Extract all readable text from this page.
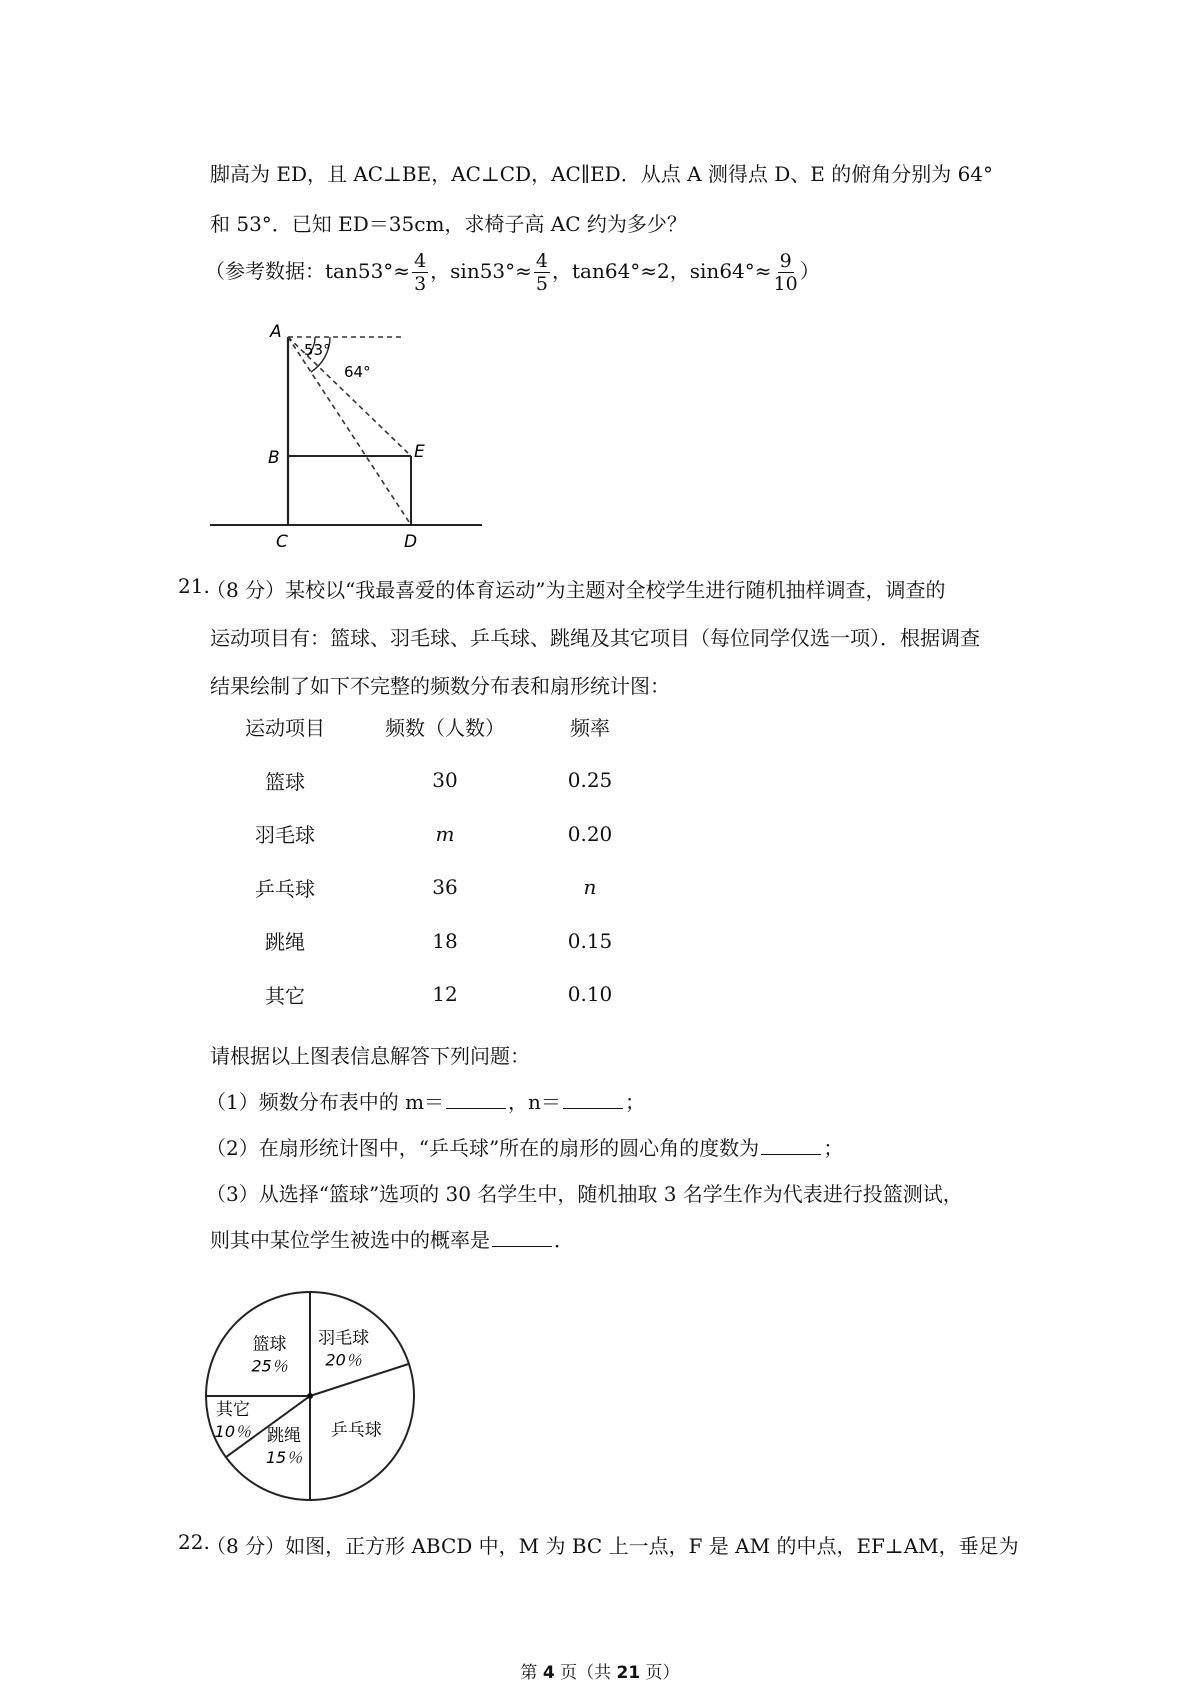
脚高为 ED，且 AC⊥BE，AC⊥CD，AC∥ED．从点 A 测得点 D、E 的俯角分别为 64°
和 53°．已知 ED＝35cm，求椅子高 AC 约为多少？
（参考数据：$\tan 53^\circ\approx \frac{4}{3}$ ，$\sin 53^\circ\approx \frac{4}{5}$ ，tan64°≈2，$\sin 64^\circ\approx \frac{9}{10}$ ）
A
B
C	D
E
53°
64°
21.
（8 分）某校以“我最喜爱的体育运动”为主题对全校学生进行随机抽样调查，调查的
运动项目有：篮球、羽毛球、乒乓球、跳绳及其它项目（每位同学仅选一项）．根据调查
结果绘制了如下不完整的频数分布表和扇形统计图：
运动项目	频数（人数）	频率
篮球	30	0.25
羽毛球	m	0.20
乒乓球	36	n
跳绳	18	0.15
其它	12	0.10
请根据以上图表信息解答下列问题：
（1）频数分布表中的 m＝	，n＝	；
（2）在扇形统计图中，“乒乓球”所在的扇形的圆心角的度数为	；
（3）从选择“篮球”选项的 30 名学生中，随机抽取 3 名学生作为代表进行投篮测试，
则其中某位学生被选中的概率是	．
篮球
25％
羽毛球
20％
乒乓球
跳绳
15％
其它
10％
22.
（8 分）如图，正方形 ABCD 中，M 为 BC 上一点，F 是 AM 的中点，EF⊥AM，垂足为
第 4 页（共 21 页）
